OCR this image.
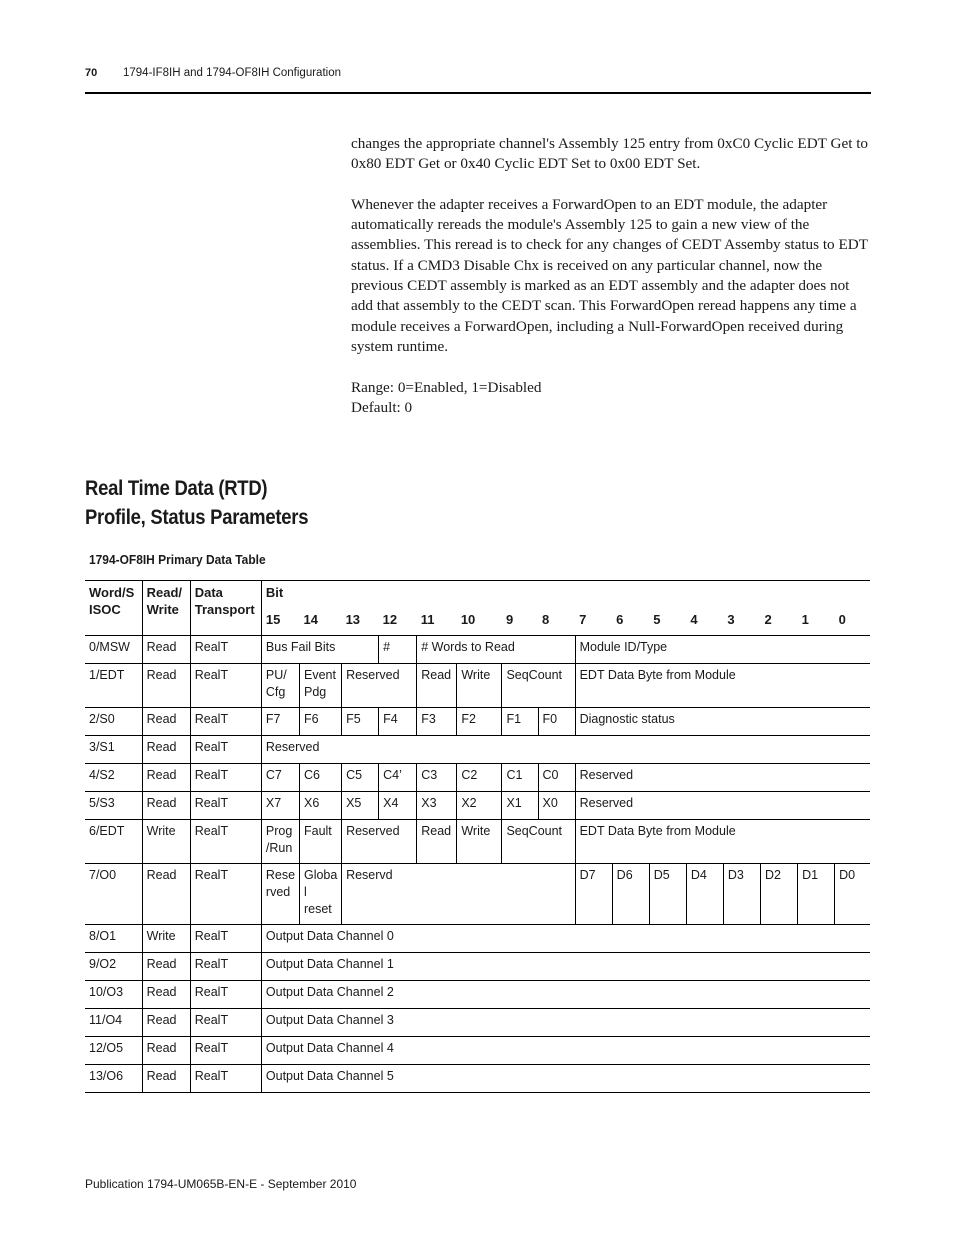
70 1794-IF8IH and 1794-OF8IH Configuration

changes the appropriate channel's Assembly 125 entry from 0xC0 Cyclic EDT Get to 0x80 EDT Get or 0x40 Cyclic EDT Set to 0x00 EDT Set.

Whenever the adapter receives a ForwardOpen to an EDT module, the adapter automatically rereads the module's Assembly 125 to gain a new view of the assemblies. This reread is to check for any changes of CEDT Assemby status to EDT status. If a CMD3 Disable Chx is received on any particular channel, now the previous CEDT assembly is marked as an EDT assembly and the adapter does not add that assembly to the CEDT scan. This ForwardOpen reread happens any time a module receives a ForwardOpen, including a Null-ForwardOpen received during system runtime.

Range: 0=Enabled, 1=Disabled
Default: 0
Real Time Data (RTD)
Profile, Status Parameters
1794-OF8IH Primary Data Table
Word/S ISOC	Read/ Write	Data Transport	Bit															
			15	14	13	12	11	10	9	8	7	6	5	4	3	2	1	0
0/MSW	Read	RealT	Bus Fail Bits			#	# Words to Read				Module ID/Type							
1/EDT	Read	RealT	PU/ Cfg	Event Pdg	Reserved		Read	Write	SeqCount		EDT Data Byte from Module							
2/S0	Read	RealT	F7	F6	F5	F4	F3	F2	F1	F0	Diagnostic status							
3/S1	Read	RealT	Reserved															
4/S2	Read	RealT	C7	C6	C5	C4’	C3	C2	C1	C0	Reserved							
5/S3	Read	RealT	X7	X6	X5	X4	X3	X2	X1	X0	Reserved							
6/EDT	Write	RealT	Prog /Run	Fault	Reserved		Read	Write	SeqCount		EDT Data Byte from Module							
7/O0	Read	RealT	Rese rved	Globa l reset	Reservd						D7	D6	D5	D4	D3	D2	D1	D0
8/O1	Write	RealT	Output Data Channel 0															
9/O2	Read	RealT	Output Data Channel 1															
10/O3	Read	RealT	Output Data Channel 2															
11/O4	Read	RealT	Output Data Channel 3															
12/O5	Read	RealT	Output Data Channel 4															
13/O6	Read	RealT	Output Data Channel 5															
Publication 1794-UM065B-EN-E - September 2010
